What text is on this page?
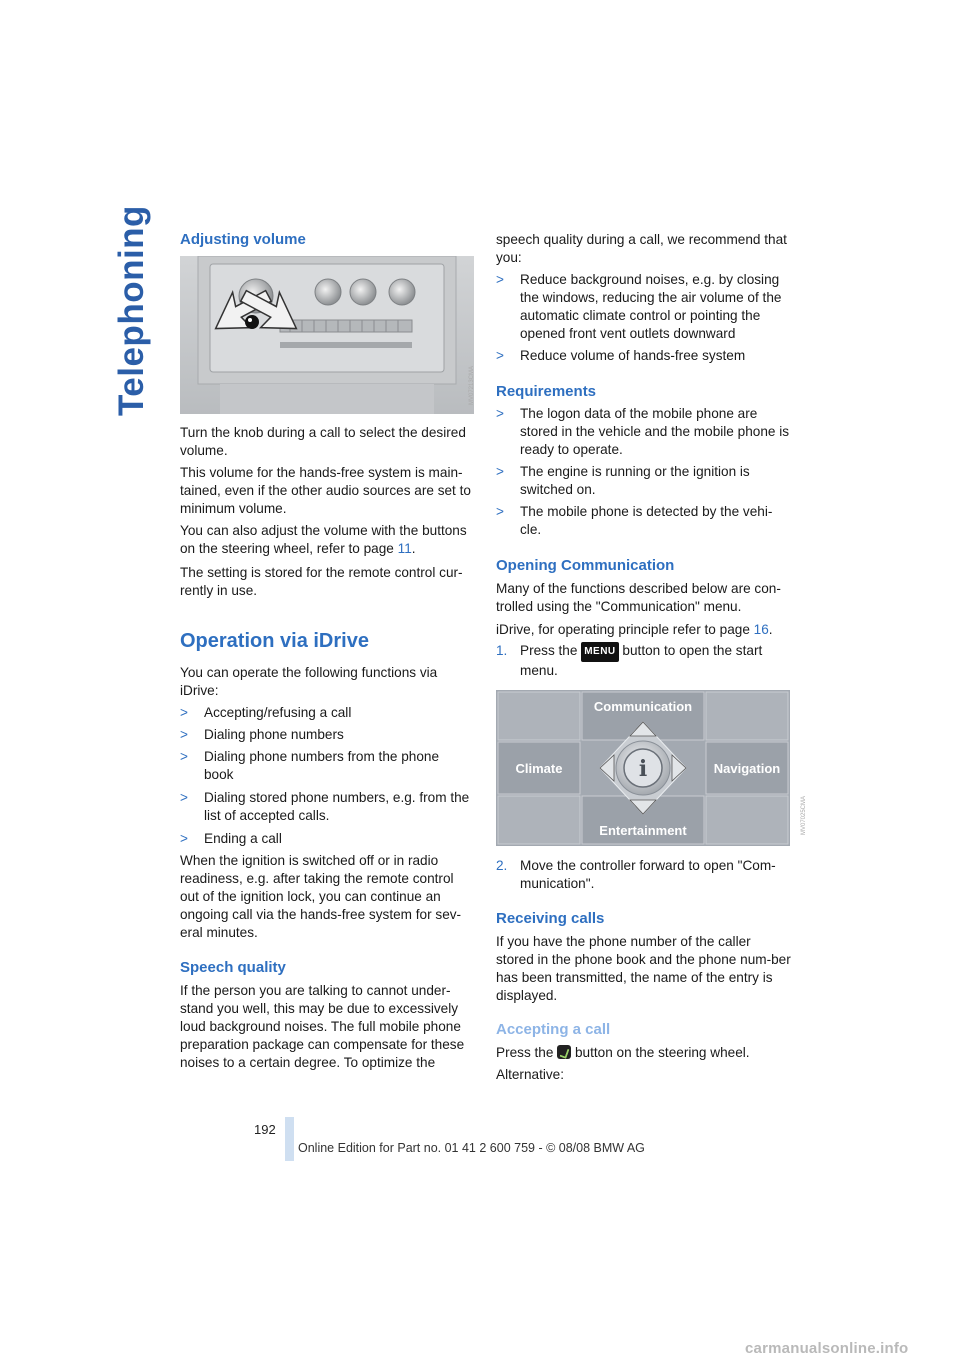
Telephoning Adjusting volume
MV07213CMA

Turn the knob during a call to select the desired volume.

This volume for the hands-free system is main-tained, even if the other audio sources are set to minimum volume.

You can also adjust the volume with the buttons on the steering wheel, refer to page 11.

The setting is stored for the remote control cur-rently in use.

Operation via iDrive

You can operate the following functions via iDrive:

> Accepting/refusing a call
> Dialing phone numbers
> Dialing phone numbers from the phone book
> Dialing stored phone numbers, e.g. from the list of accepted calls.
> Ending a call

When the ignition is switched off or in radio readiness, e.g. after taking the remote control out of the ignition lock, you can continue an ongoing call via the hands-free system for sev-eral minutes.

Speech quality

If the person you are talking to cannot under-stand you well, this may be due to excessively loud background noises. The full mobile phone preparation package can compensate for these noises to a certain degree. To optimize the

speech quality during a call, we recommend that you:

> Reduce background noises, e.g. by closing the windows, reducing the air volume of the automatic climate control or pointing the opened front vent outlets downward
> Reduce volume of hands-free system
Requirements
> The logon data of the mobile phone are stored in the vehicle and the mobile phone is ready to operate.
> The engine is running or the ignition is switched on.
> The mobile phone is detected by the vehi-cle.
Opening Communication

Many of the functions described below are con-trolled using the "Communication" menu.

iDrive, for operating principle refer to page 16.

1. Press the MENU button to open the start menu.
i
Communication
Climate	Navigation
Entertainment	MV07025CMA
2. Move the controller forward to open "Com-munication".
Receiving calls

If you have the phone number of the caller stored in the phone book and the phone num-ber has been transmitted, the name of the entry is displayed.

Accepting a call

Press the  button on the steering wheel.

Alternative:

192
Online Edition for Part no. 01 41 2 600 759 - © 08/08 BMW AG
carmanualsonline.info
